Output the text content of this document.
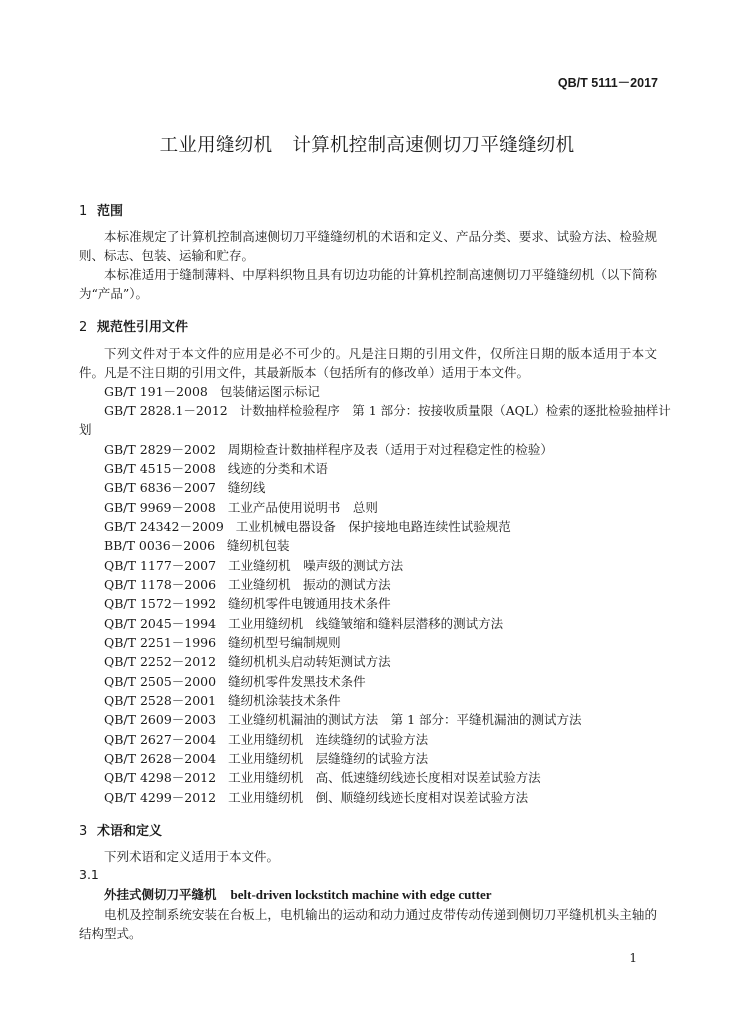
QB/T 5111－2017
工业用缝纫机 计算机控制高速侧切刀平缝缝纫机
1 范围
本标准规定了计算机控制高速侧切刀平缝缝纫机的术语和定义、产品分类、要求、试验方法、检验规则、标志、包装、运输和贮存。
本标准适用于缝制薄料、中厚料织物且具有切边功能的计算机控制高速侧切刀平缝缝纫机（以下简称为“产品”）。
2 规范性引用文件
下列文件对于本文件的应用是必不可少的。凡是注日期的引用文件，仅所注日期的版本适用于本文件。凡是不注日期的引用文件，其最新版本（包括所有的修改单）适用于本文件。
GB/T 191－2008 包装储运图示标记
GB/T 2828.1－2012 计数抽样检验程序　第 1 部分：按接收质量限（AQL）检索的逐批检验抽样计
划
GB/T 2829－2002 周期检查计数抽样程序及表（适用于对过程稳定性的检验）
GB/T 4515－2008 线迹的分类和术语
GB/T 6836－2007 缝纫线
GB/T 9969－2008 工业产品使用说明书　总则
GB/T 24342－2009 工业机械电器设备　保护接地电路连续性试验规范
BB/T 0036－2006 缝纫机包装
QB/T 1177－2007 工业缝纫机　噪声级的测试方法
QB/T 1178－2006 工业缝纫机　振动的测试方法
QB/T 1572－1992 缝纫机零件电镀通用技术条件
QB/T 2045－1994 工业用缝纫机　线缝皱缩和缝料层潜移的测试方法
QB/T 2251－1996 缝纫机型号编制规则
QB/T 2252－2012 缝纫机机头启动转矩测试方法
QB/T 2505－2000 缝纫机零件发黑技术条件
QB/T 2528－2001 缝纫机涂装技术条件
QB/T 2609－2003 工业缝纫机漏油的测试方法　第 1 部分：平缝机漏油的测试方法
QB/T 2627－2004 工业用缝纫机　连续缝纫的试验方法
QB/T 2628－2004 工业用缝纫机　层缝缝纫的试验方法
QB/T 4298－2012 工业用缝纫机　高、低速缝纫线迹长度相对误差试验方法
QB/T 4299－2012 工业用缝纫机　倒、顺缝纫线迹长度相对误差试验方法
3 术语和定义
下列术语和定义适用于本文件。
3.1
外挂式侧切刀平缝机 belt-driven lockstitch machine with edge cutter
电机及控制系统安装在台板上，电机输出的运动和动力通过皮带传动传递到侧切刀平缝机机头主轴的结构型式。
1
